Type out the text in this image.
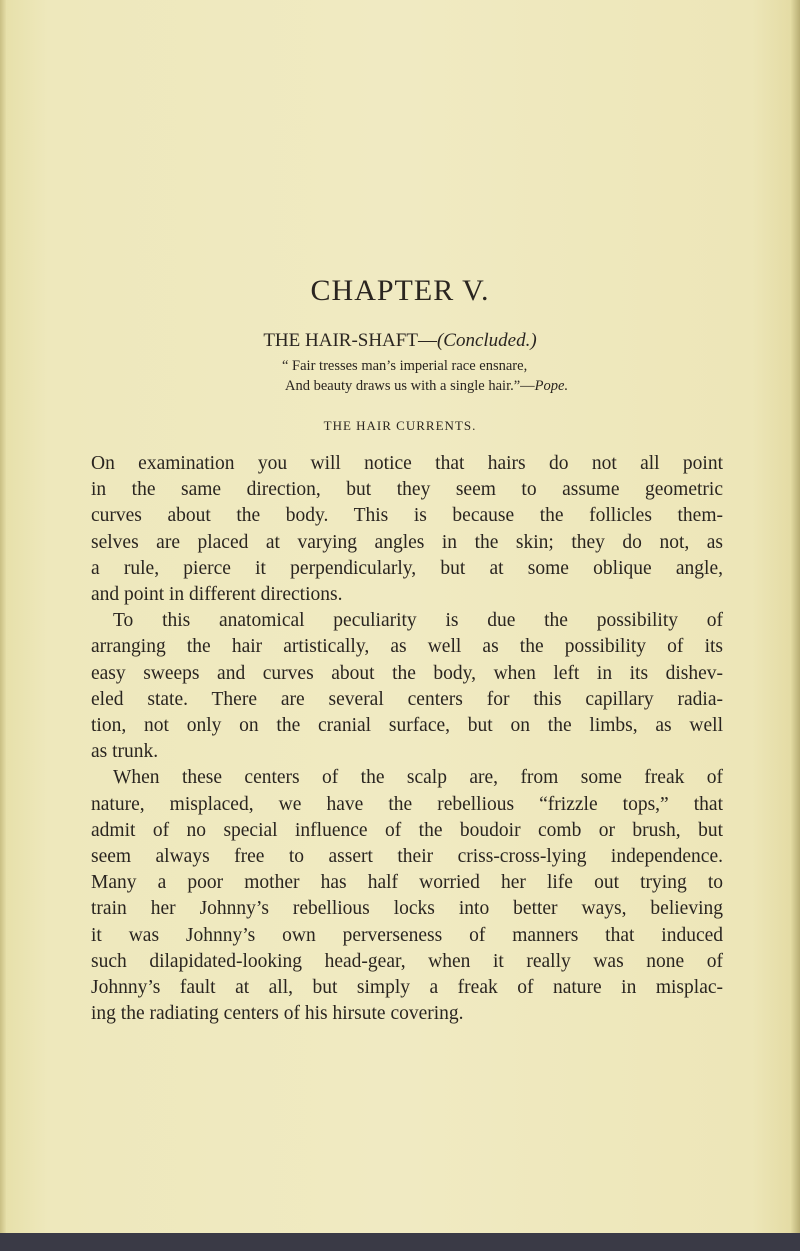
CHAPTER V.
THE HAIR-SHAFT—(Concluded.)
“ Fair tresses man’s imperial race ensnare,
And beauty draws us with a single hair.”—Pope.
THE HAIR CURRENTS.
On examination you will notice that hairs do not all point
in the same direction, but they seem to assume geometric
curves about the body. This is because the follicles them-
selves are placed at varying angles in the skin; they do not, as
a rule, pierce it perpendicularly, but at some oblique angle,
and point in different directions.
To this anatomical peculiarity is due the possibility of
arranging the hair artistically, as well as the possibility of its
easy sweeps and curves about the body, when left in its dishev-
eled state. There are several centers for this capillary radia-
tion, not only on the cranial surface, but on the limbs, as well
as trunk.
When these centers of the scalp are, from some freak of
nature, misplaced, we have the rebellious “frizzle tops,” that
admit of no special influence of the boudoir comb or brush, but
seem always free to assert their criss-cross-lying independence.
Many a poor mother has half worried her life out trying to
train her Johnny’s rebellious locks into better ways, believing
it was Johnny’s own perverseness of manners that induced
such dilapidated-looking head-gear, when it really was none of
Johnny’s fault at all, but simply a freak of nature in misplac-
ing the radiating centers of his hirsute covering.
